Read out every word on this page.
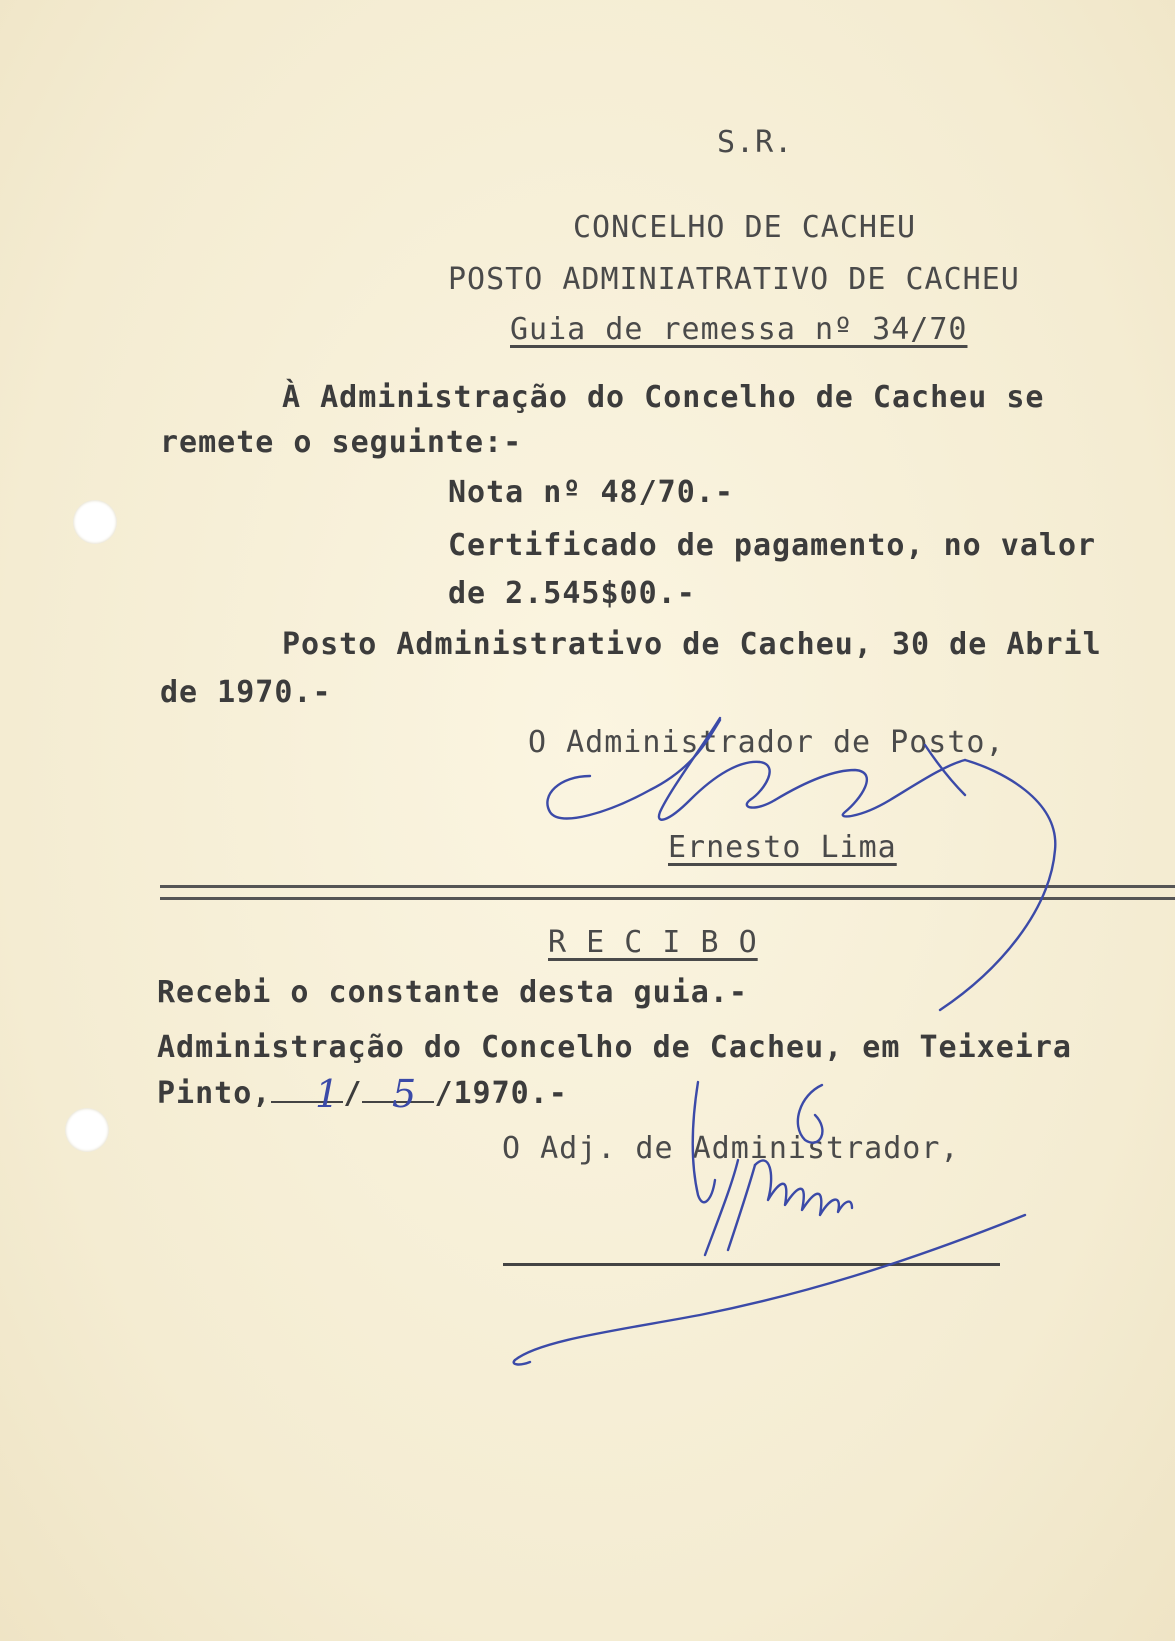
S.R.
CONCELHO DE CACHEU
POSTO ADMINIATRATIVO DE CACHEU
Guia de remessa nº 34/70
À Administração do Concelho de Cacheu se
remete o seguinte:-
Nota nº 48/70.-
Certificado de pagamento, no valor
de 2.545$00.-
Posto Administrativo de Cacheu, 30 de Abril
de 1970.-
O Administrador de Posto,
Ernesto Lima
R E C I B O
Recebi o constante desta guia.-
Administração do Concelho de Cacheu, em Teixeira
Pinto, / /1970.-
O Adj. de Administrador,
1 5
